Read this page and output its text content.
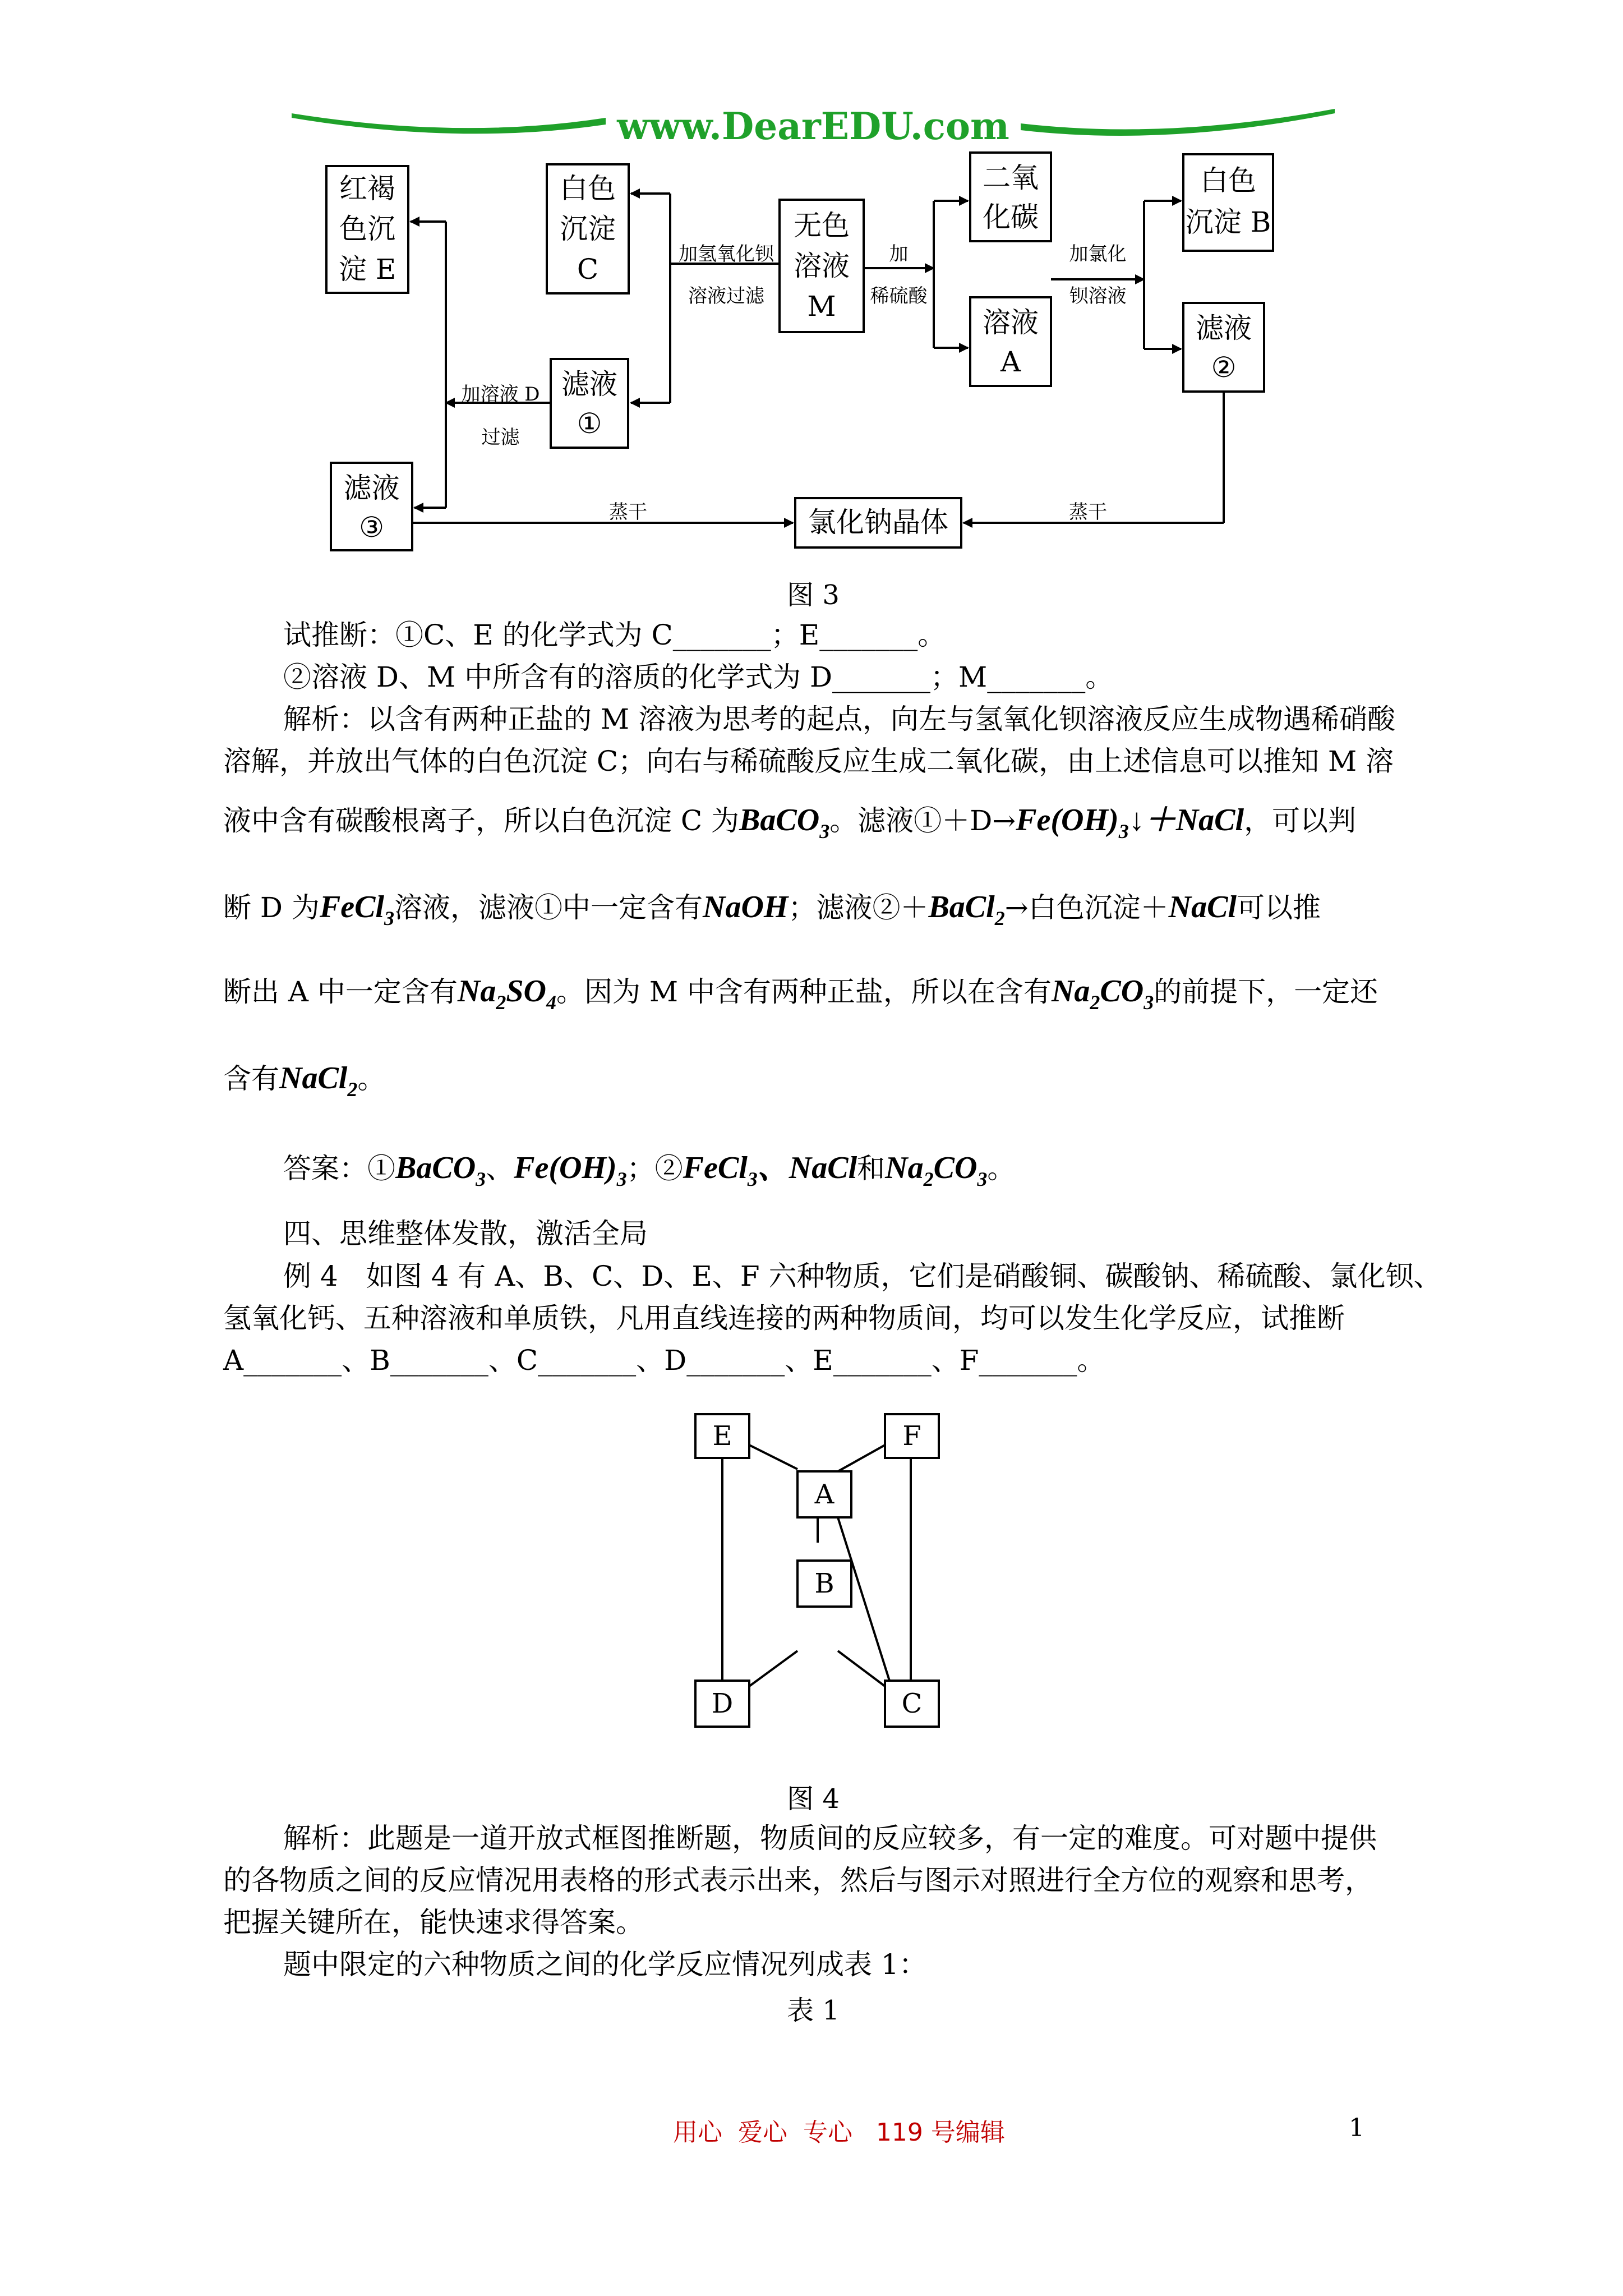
www.DearEDU.com
红褐
色沉
淀 E
白色
沉淀
C
无色
溶液
M
二氧
化碳
溶液
A
白色
沉淀 B
滤液
②
滤液
①
滤液
③	氯化钠晶体
加氢氧化钡
溶液过滤
加
稀硫酸
加氯化
钡溶液
加溶液 D
过滤
蒸干	蒸干
图 3
试推断：①C、E 的化学式为 C_______；E_______。
②溶液 D、M 中所含有的溶质的化学式为 D_______；M_______。
解析：以含有两种正盐的 M 溶液为思考的起点，向左与氢氧化钡溶液反应生成物遇稀硝酸
溶解，并放出气体的白色沉淀 C；向右与稀硫酸反应生成二氧化碳，由上述信息可以推知 M 溶
液中含有碳酸根离子，所以白色沉淀 C 为BaCO$_3$。滤液$①+D\to Fe(OH)_3↓+NaCl$，可以判
断 D 为FeCl$_3$溶液，滤液①中一定含有NaOH；滤液②＋BaCl$_2$→白色沉淀＋NaCl可以推
断出 A 中一定含有$Na_2SO_4$。因为 M 中含有两种正盐，所以在含有$Na_2CO_3$的前提下，一定还
含有NaCl$_2$。
答案：①BaCO$_3$、$Fe(OH)_3$；②FeCl$_3$、NaCl和$Na_2CO_3$。
四、思维整体发散，激活全局
例 4　如图 4 有 A、B、C、D、E、F 六种物质，它们是硝酸铜、碳酸钠、稀硫酸、氯化钡、
氢氧化钙、五种溶液和单质铁，凡用直线连接的两种物质间，均可以发生化学反应，试推断
A_______、B_______、C_______、D_______、E_______、F_______。
E	F
A
B
D	C
图 4
解析：此题是一道开放式框图推断题，物质间的反应较多，有一定的难度。可对题中提供
的各物质之间的反应情况用表格的形式表示出来，然后与图示对照进行全方位的观察和思考，
把握关键所在，能快速求得答案。
题中限定的六种物质之间的化学反应情况列成表 1：
表 1
用心  爱心  专心   119 号编辑	1
